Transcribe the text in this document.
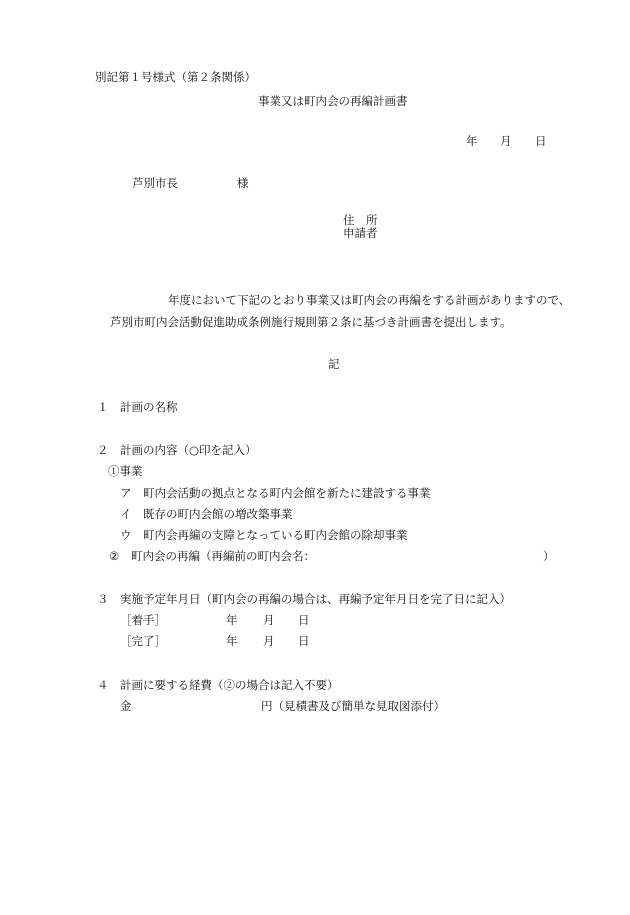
別記第１号様式（第２条関係）
事業又は町内会の再編計画書
年 月 日
芦別市長	様
住　所
申請者
年度において下記のとおり事業又は町内会の再編をする計画がありますので、
芦別市町内会活動促進助成条例施行規則第２条に基づき計画書を提出します。
記
１ 計画の名称
２ 計画の内容（○印を記入）
①事業
ア 町内会活動の拠点となる町内会館を新たに建設する事業
イ 既存の町内会館の増改築事業
ウ 町内会再編の支障となっている町内会館の除却事業
② 町内会の再編（再編前の町内会名：	）
３ 実施予定年月日（町内会の再編の場合は、再編予定年月日を完了日に記入）
［着手］	年 月 日
［完了］	年 月 日
４ 計画に要する経費（②の場合は記入不要）
金	円（見積書及び簡単な見取図添付）
